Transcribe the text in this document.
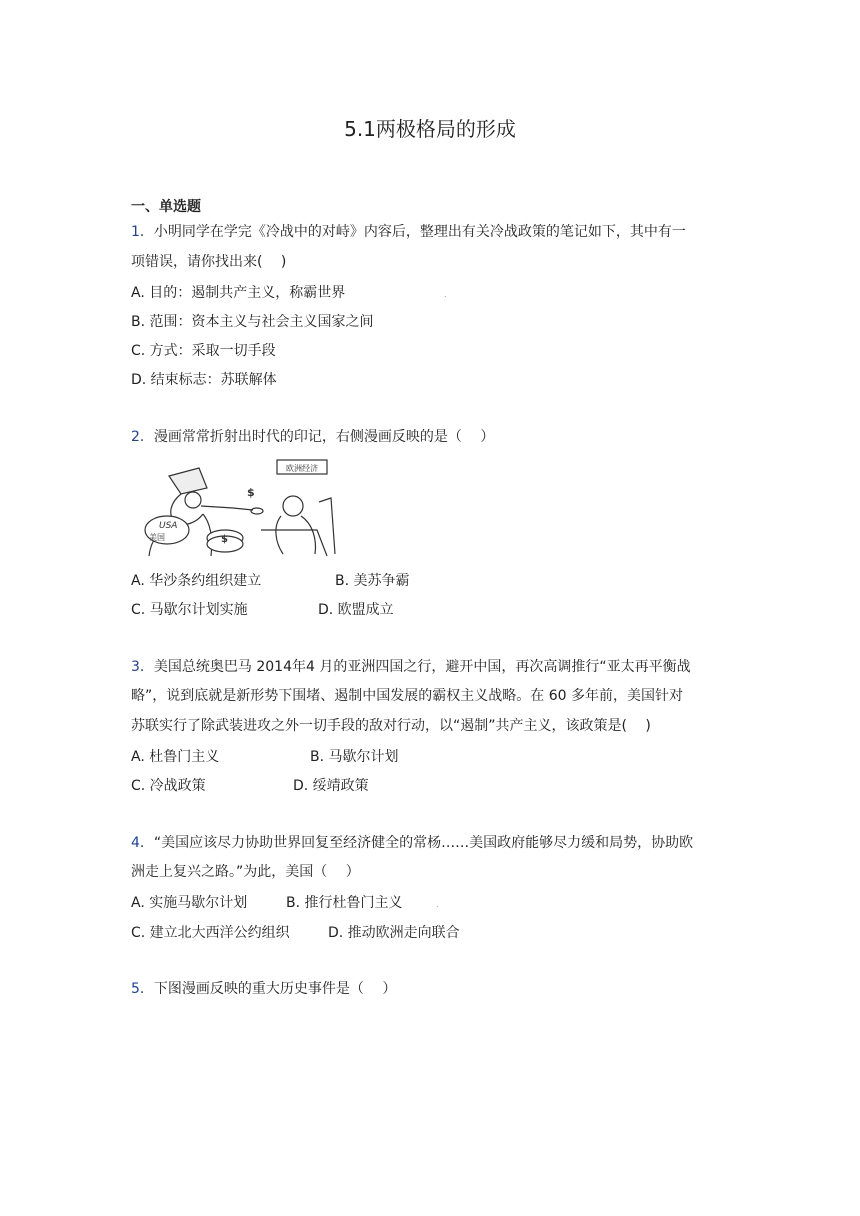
5.1两极格局的形成
一、单选题
1．小明同学在学完《冷战中的对峙》内容后，整理出有关冷战政策的笔记如下，其中有一
项错误，请你找出来(　 )
A. 目的：遏制共产主义，称霸世界	.
B. 范围：资本主义与社会主义国家之间
C. 方式：采取一切手段
D. 结束标志：苏联解体
2．漫画常常折射出时代的印记，右侧漫画反映的是（　 ）
欧洲经济
USA
美国	$
$
A. 华沙条约组织建立	B. 美苏争霸
C. 马歇尔计划实施	D. 欧盟成立
3．美国总统奥巴马 2014年4 月的亚洲四国之行，避开中国，再次高调推行“亚太再平衡战
略”，说到底就是新形势下围堵、遏制中国发展的霸权主义战略。在 60 多年前，美国针对
苏联实行了除武装进攻之外一切手段的敌对行动，以“遏制”共产主义，该政策是(　 )
A. 杜鲁门主义	B. 马歇尔计划
C. 冷战政策	D. 绥靖政策
4．“美国应该尽力协助世界回复至经济健全的常杨……美国政府能够尽力缓和局势，协助欧
洲走上复兴之路。”为此，美国（　 ）
A. 实施马歇尔计划	B. 推行杜鲁门主义	.
C. 建立北大西洋公约组织	D. 推动欧洲走向联合
5．下图漫画反映的重大历史事件是（　 ）
